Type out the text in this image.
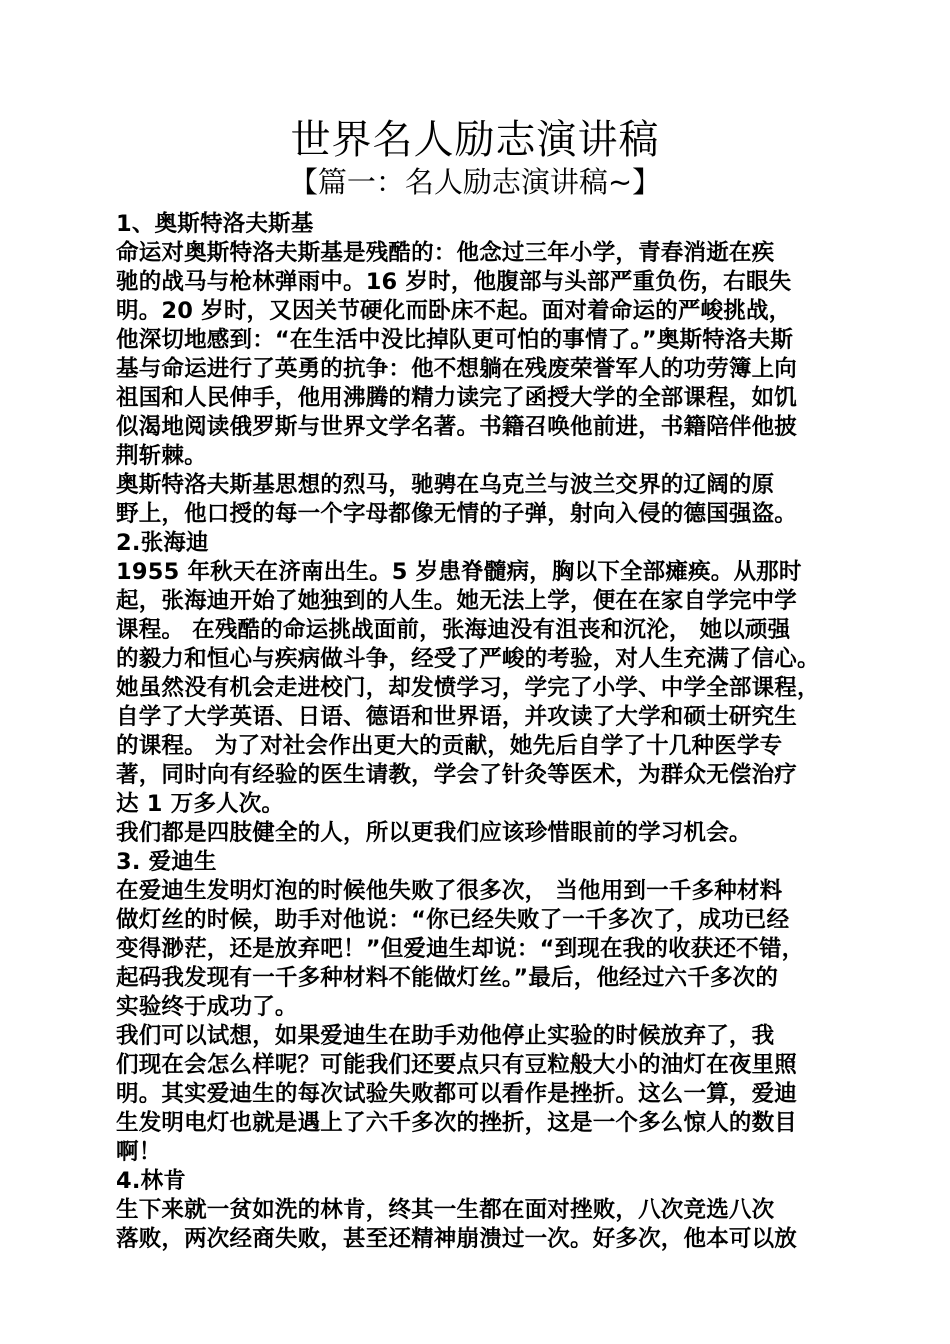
世界名人励志演讲稿
【篇一：名人励志演讲稿~】
1、奥斯特洛夫斯基
命运对奥斯特洛夫斯基是残酷的：他念过三年小学，青春消逝在疾
驰的战马与枪林弹雨中。16 岁时，他腹部与头部严重负伤，右眼失
明。20 岁时，又因关节硬化而卧床不起。面对着命运的严峻挑战，
他深切地感到：“在生活中没比掉队更可怕的事情了。”奥斯特洛夫斯
基与命运进行了英勇的抗争：他不想躺在残废荣誉军人的功劳簿上向
祖国和人民伸手，他用沸腾的精力读完了函授大学的全部课程，如饥
似渴地阅读俄罗斯与世界文学名著。书籍召唤他前进，书籍陪伴他披
荆斩棘。
奥斯特洛夫斯基思想的烈马，驰骋在乌克兰与波兰交界的辽阔的原
野上，他口授的每一个字母都像无情的子弹，射向入侵的德国强盗。
2.张海迪
1955 年秋天在济南出生。5 岁患脊髓病，胸以下全部瘫痪。从那时
起，张海迪开始了她独到的人生。她无法上学，便在在家自学完中学
课程。 在残酷的命运挑战面前，张海迪没有沮丧和沉沦， 她以顽强
的毅力和恒心与疾病做斗争，经受了严峻的考验，对人生充满了信心。
她虽然没有机会走进校门，却发愤学习，学完了小学、中学全部课程，
自学了大学英语、日语、德语和世界语，并攻读了大学和硕士研究生
的课程。 为了对社会作出更大的贡献，她先后自学了十几种医学专
著，同时向有经验的医生请教，学会了针灸等医术，为群众无偿治疗
达 1 万多人次。
我们都是四肢健全的人，所以更我们应该珍惜眼前的学习机会。
3. 爱迪生
在爱迪生发明灯泡的时候他失败了很多次， 当他用到一千多种材料
做灯丝的时候，助手对他说：“你已经失败了一千多次了，成功已经
变得渺茫，还是放弃吧！”但爱迪生却说：“到现在我的收获还不错，
起码我发现有一千多种材料不能做灯丝。”最后，他经过六千多次的
实验终于成功了。
我们可以试想，如果爱迪生在助手劝他停止实验的时候放弃了，我
们现在会怎么样呢？可能我们还要点只有豆粒般大小的油灯在夜里照
明。其实爱迪生的每次试验失败都可以看作是挫折。这么一算，爱迪
生发明电灯也就是遇上了六千多次的挫折，这是一个多么惊人的数目
啊！
4.林肯
生下来就一贫如洗的林肯，终其一生都在面对挫败，八次竞选八次
落败，两次经商失败，甚至还精神崩溃过一次。好多次，他本可以放
